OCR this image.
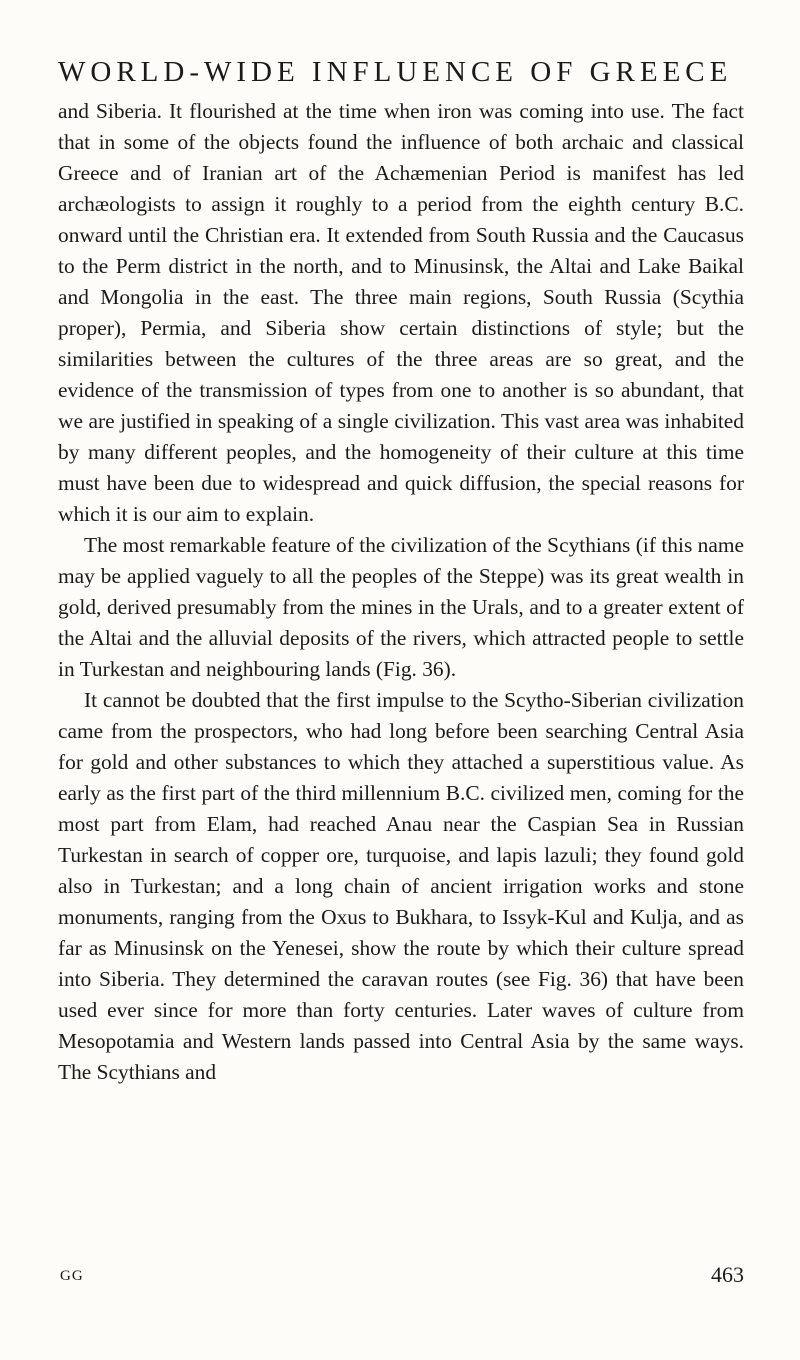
WORLD-WIDE INFLUENCE OF GREECE

and Siberia. It flourished at the time when iron was coming into use. The fact that in some of the objects found the influence of both archaic and classical Greece and of Iranian art of the Achæmenian Period is manifest has led archæologists to assign it roughly to a period from the eighth century B.C. onward until the Christian era. It extended from South Russia and the Caucasus to the Perm district in the north, and to Minusinsk, the Altai and Lake Baikal and Mongolia in the east. The three main regions, South Russia (Scythia proper), Permia, and Siberia show certain distinctions of style; but the similarities between the cultures of the three areas are so great, and the evidence of the transmission of types from one to another is so abundant, that we are justified in speaking of a single civilization. This vast area was inhabited by many different peoples, and the homogeneity of their culture at this time must have been due to widespread and quick diffusion, the special reasons for which it is our aim to explain.

The most remarkable feature of the civilization of the Scythians (if this name may be applied vaguely to all the peoples of the Steppe) was its great wealth in gold, derived presumably from the mines in the Urals, and to a greater extent of the Altai and the alluvial deposits of the rivers, which attracted people to settle in Turkestan and neighbouring lands (Fig. 36).

It cannot be doubted that the first impulse to the Scytho-Siberian civilization came from the prospectors, who had long before been searching Central Asia for gold and other substances to which they attached a superstitious value. As early as the first part of the third millennium B.C. civilized men, coming for the most part from Elam, had reached Anau near the Caspian Sea in Russian Turkestan in search of copper ore, turquoise, and lapis lazuli; they found gold also in Turkestan; and a long chain of ancient irrigation works and stone monuments, ranging from the Oxus to Bukhara, to Issyk-Kul and Kulja, and as far as Minusinsk on the Yenesei, show the route by which their culture spread into Siberia. They determined the caravan routes (see Fig. 36) that have been used ever since for more than forty centuries. Later waves of culture from Mesopotamia and Western lands passed into Central Asia by the same ways. The Scythians and

GG	463
